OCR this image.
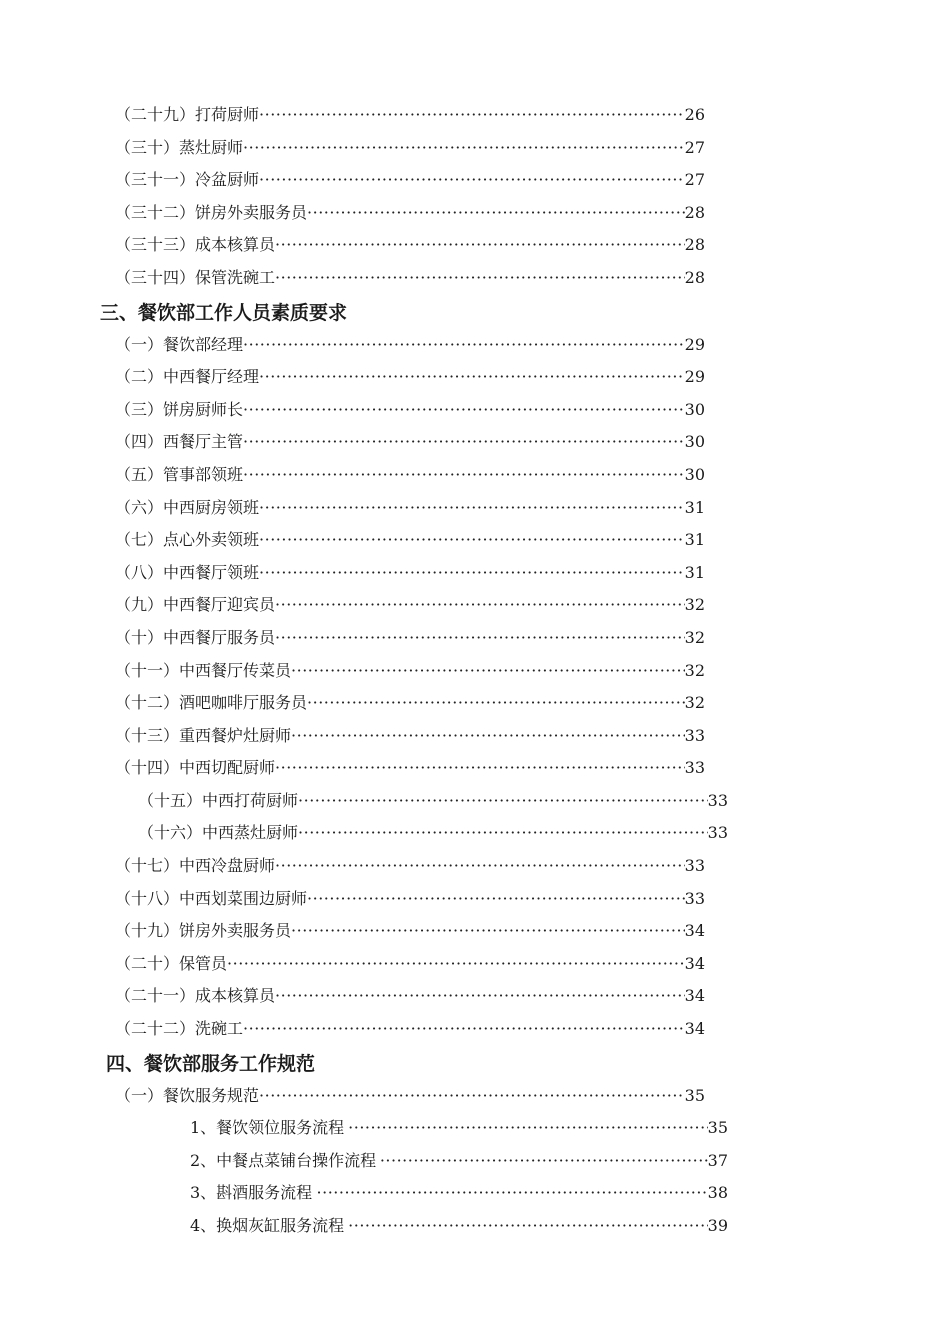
（二十九）打荷厨师 ·····	26
（三十）蒸灶厨师 ·····	27
（三十一）冷盆厨师 ·····	27
（三十二）饼房外卖服务员 ·····	28
（三十三）成本核算员 ·····	28
（三十四）保管洗碗工 ·····	28
三、餐饮部工作人员素质要求
（一）餐饮部经理 ·····	29
（二）中西餐厅经理 ·····	29
（三）饼房厨师长 ·····	30
（四）西餐厅主管 ·····	30
（五）管事部领班 ·····	30
（六）中西厨房领班 ·····	31
（七）点心外卖领班 ·····	31
（八）中西餐厅领班 ·····	31
（九）中西餐厅迎宾员 ·····	32
（十）中西餐厅服务员 ·····	32
（十一）中西餐厅传菜员 ·····	32
（十二）酒吧咖啡厅服务员 ·····	32
（十三）重西餐炉灶厨师 ·····	33
（十四）中西切配厨师 ·····	33
（十五）中西打荷厨师 ·····	33
（十六）中西蒸灶厨师 ·····	33
（十七）中西冷盘厨师 ·····	33
（十八）中西划菜围边厨师 ·····	33
（十九）饼房外卖服务员 ·····	34
（二十）保管员 ·····	34
（二十一）成本核算员 ·····	34
（二十二）洗碗工 ·····	34
四、餐饮部服务工作规范
（一）餐饮服务规范 ·····	35
1、餐饮领位服务流程 ·····	35
2、中餐点菜铺台操作流程 ·····	37
3、斟酒服务流程 ·····	38
4、换烟灰缸服务流程 ·····	39
